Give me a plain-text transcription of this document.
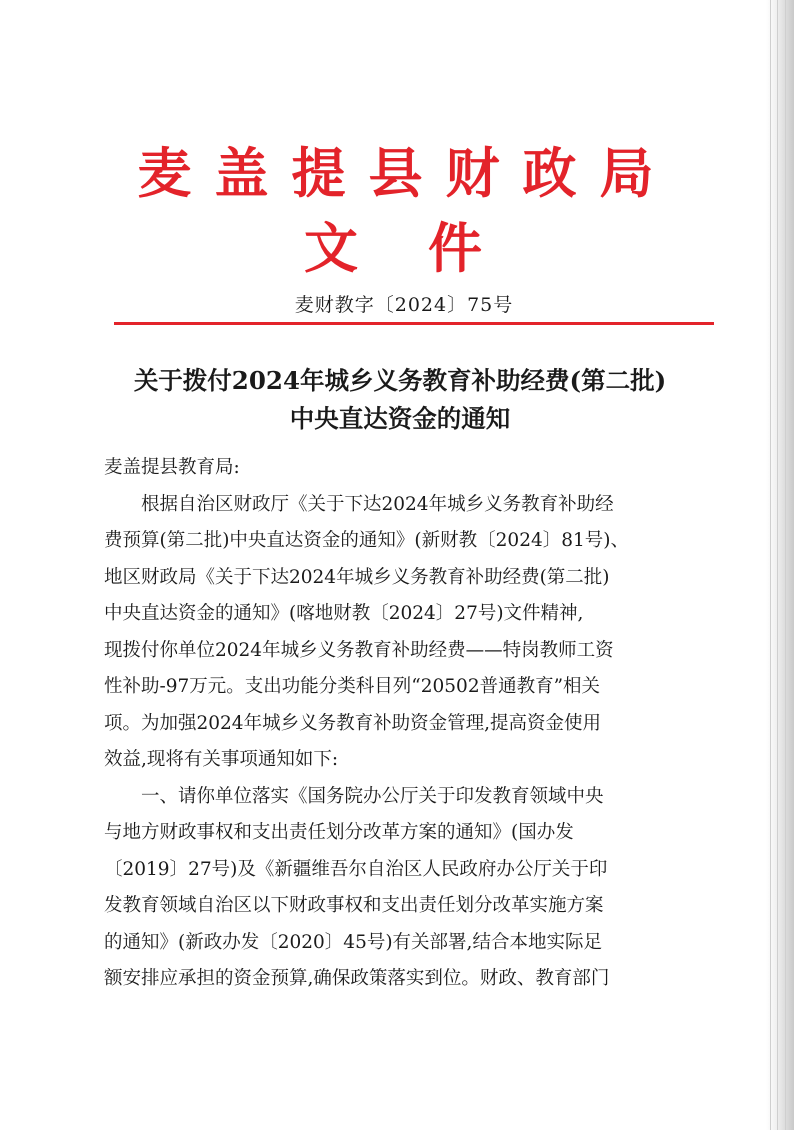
麦盖提县财政局
文件
麦财教字〔2024〕75号
关于拨付2024年城乡义务教育补助经费(第二批)
中央直达资金的通知
麦盖提县教育局:
根据自治区财政厅《关于下达2024年城乡义务教育补助经
费预算(第二批)中央直达资金的通知》(新财教〔2024〕81号)、
地区财政局《关于下达2024年城乡义务教育补助经费(第二批)
中央直达资金的通知》(喀地财教〔2024〕27号)文件精神,
现拨付你单位2024年城乡义务教育补助经费——特岗教师工资
性补助-97万元。支出功能分类科目列“20502普通教育”相关
项。为加强2024年城乡义务教育补助资金管理,提高资金使用
效益,现将有关事项通知如下:
一、请你单位落实《国务院办公厅关于印发教育领域中央
与地方财政事权和支出责任划分改革方案的通知》(国办发
〔2019〕27号)及《新疆维吾尔自治区人民政府办公厅关于印
发教育领域自治区以下财政事权和支出责任划分改革实施方案
的通知》(新政办发〔2020〕45号)有关部署,结合本地实际足
额安排应承担的资金预算,确保政策落实到位。财政、教育部门
